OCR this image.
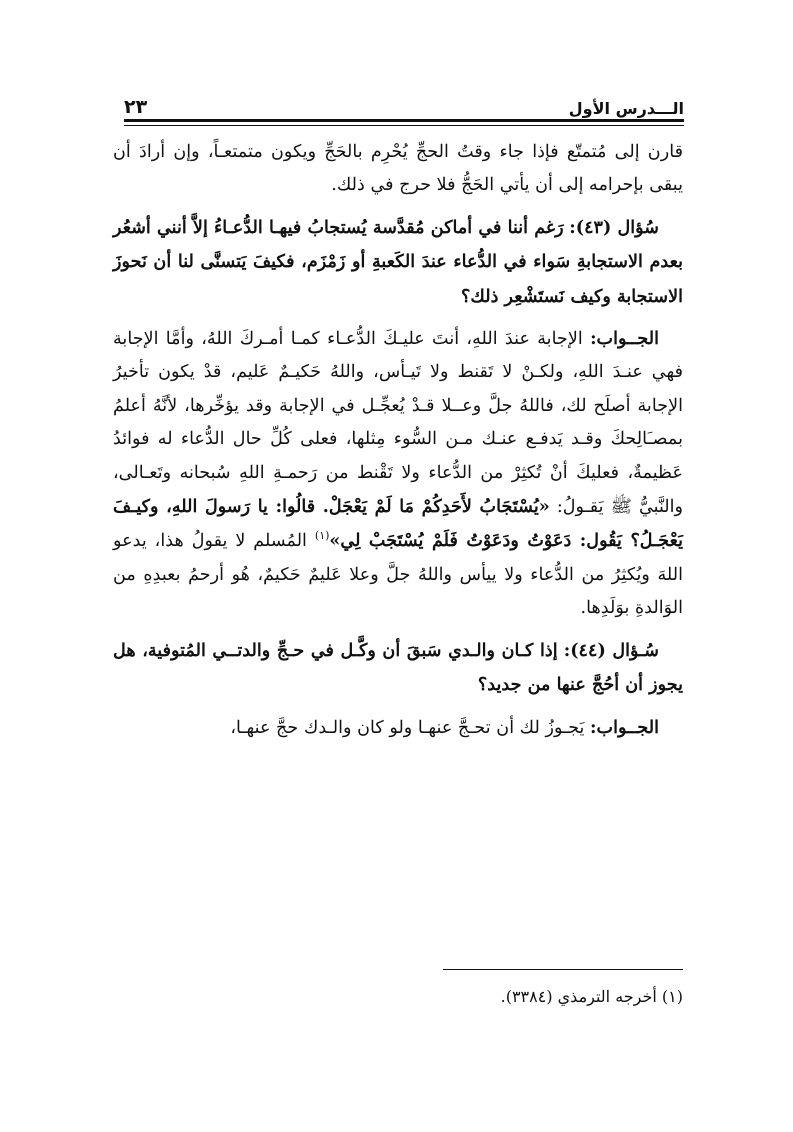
الـــدرس الأول
٢٣

قارن إلى مُتمتّع فإذا جاء وقتُ الحجِّ يُحْرِم بالحَجِّ ويكون متمتعـاً، وإن أرادَ أن يبقى بإحرامه إلى أن يأتي الحَجُّ فلا حرج في ذلك.

سُؤال (٤٣): رَغم أننا في أماكن مُقدَّسة يُستجابُ فيهـا الدُّعـاءُ إلاَّ أنني أشعُر بعدم الاستجابةِ سَواء في الدُّعاء عندَ الكَعبةِ أو زَمْزَم، فكيفَ يَتسنَّى لنا أن نَحوزَ الاستجابة وكيف نَستَشْعِر ذلك؟

الجــواب: الإجابة عندَ اللهِ، أنتَ عليـكَ الدُّعـاء كمـا أمـركَ اللهُ، وأمَّا الإجابة فهي عنـدَ اللهِ، ولكـنْ لا تَقنط ولا تَيـأس، واللهُ حَكيـمٌ عَليم، قدْ يكون تأخيرُ الإجابة أصلَح لك، فاللهُ جلَّ وعــلا قـدْ يُعجِّـل في الإجابة وقد يؤخِّرها، لأنَّهُ أعلمُ بمصـَالِحكَ وقـد يَدفـع عنـك مـن السُّوء مِثلها، فعلى كُلِّ حال الدُّعاء له فوائدُ عَظيمةٌ، فعليكَ أنْ تُكثِرْ من الدُّعاء ولا تَقْنط من رَحمـةِ اللهِ سُبحانه وتَعـالى، والنَّبيُّ ﷺ يَقـولُ: «يُسْتَجَابُ لأَحَدِكُمْ مَا لَمْ يَعْجَلْ. قالُوا: يا رَسولَ اللهِ، وكيـفَ يَعْجَـلُ؟ يَقُول: دَعَوْتُ ودَعَوْتُ فَلَمْ يُسْتَجَبْ لِي»$^{(١)}$ المُسلم لا يقولُ هذا، يدعو اللهَ ويُكثِرُ من الدُّعاء ولا ييأس واللهُ جلَّ وعلا عَليمٌ حَكيمٌ، هُو أرحمُ بعبدِهِ من الوَالدةِ بوَلَدِها.

سُـؤال (٤٤): إذا كـان والـدي سَبقَ أن وكَّـل في حـجِّ والدتــي المُتوفية، هل يجوز أن أحُجَّ عنها من جديد؟

الجــواب: يَجـوزُ لك أن تحـجَّ عنهـا ولو كان والـدك حجَّ عنهـا،

(١) أخرجه الترمذي (٣٣٨٤).
